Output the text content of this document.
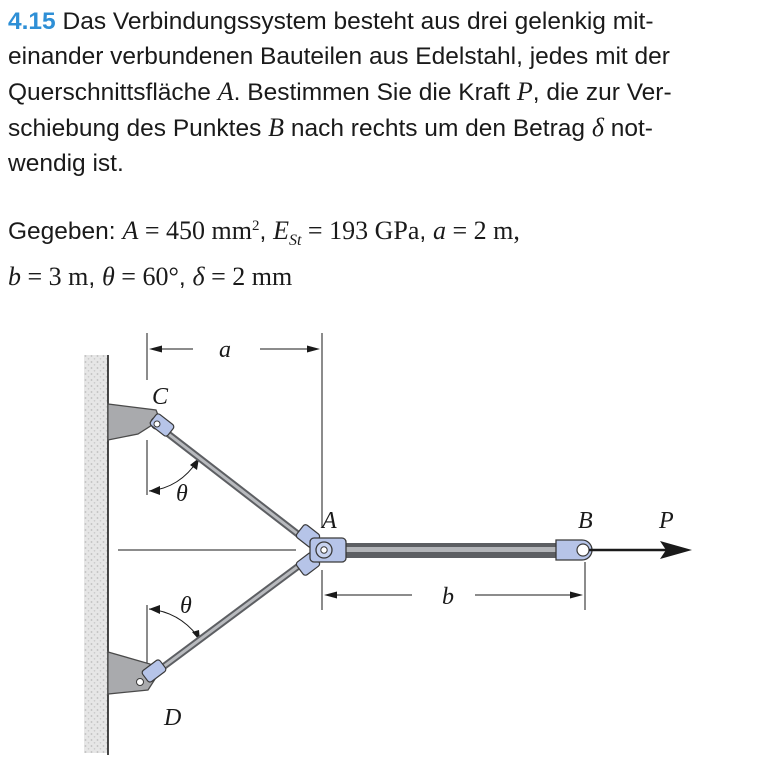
4.15 Das Verbindungssystem besteht aus drei gelenkig mit-
einander verbundenen Bauteilen aus Edelstahl, jedes mit der
Querschnittsfläche A. Bestimmen Sie die Kraft P, die zur Ver-
schiebung des Punktes B nach rechts um den Betrag δ not-
wendig ist.
Gegeben: A = 450 $mm^2$, $E_{St} = 193$ GPa, a = 2 m,
b = 3 m, θ = 60°, δ = 2 mm
a
θ
θ
C
D
A
b
B	P
